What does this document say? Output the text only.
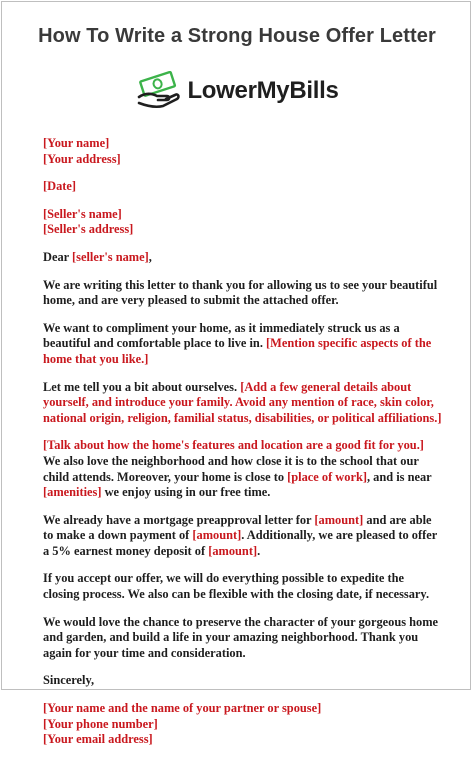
How To Write a Strong House Offer Letter
LowerMyBills

[Your name]
[Your address]

[Date]

[Seller's name]
[Seller's address]

Dear [seller's name],

We are writing this letter to thank you for allowing us to see your beautiful home, and are very pleased to submit the attached offer.

We want to compliment your home, as it immediately struck us as a beautiful and comfortable place to live in. [Mention specific aspects of the home that you like.]

Let me tell you a bit about ourselves. [Add a few general details about yourself, and introduce your family. Avoid any mention of race, skin color, national origin, religion, familial status, disabilities, or political affiliations.]

[Talk about how the home's features and location are a good fit for you.] We also love the neighborhood and how close it is to the school that our child attends. Moreover, your home is close to [place of work], and is near [amenities] we enjoy using in our free time.

We already have a mortgage preapproval letter for [amount] and are able to make a down payment of [amount]. Additionally, we are pleased to offer a 5% earnest money deposit of [amount].

If you accept our offer, we will do everything possible to expedite the closing process. We also can be flexible with the closing date, if necessary.

We would love the chance to preserve the character of your gorgeous home and garden, and build a life in your amazing neighborhood. Thank you again for your time and consideration.

Sincerely,

[Your name and the name of your partner or spouse]
[Your phone number]
[Your email address]
